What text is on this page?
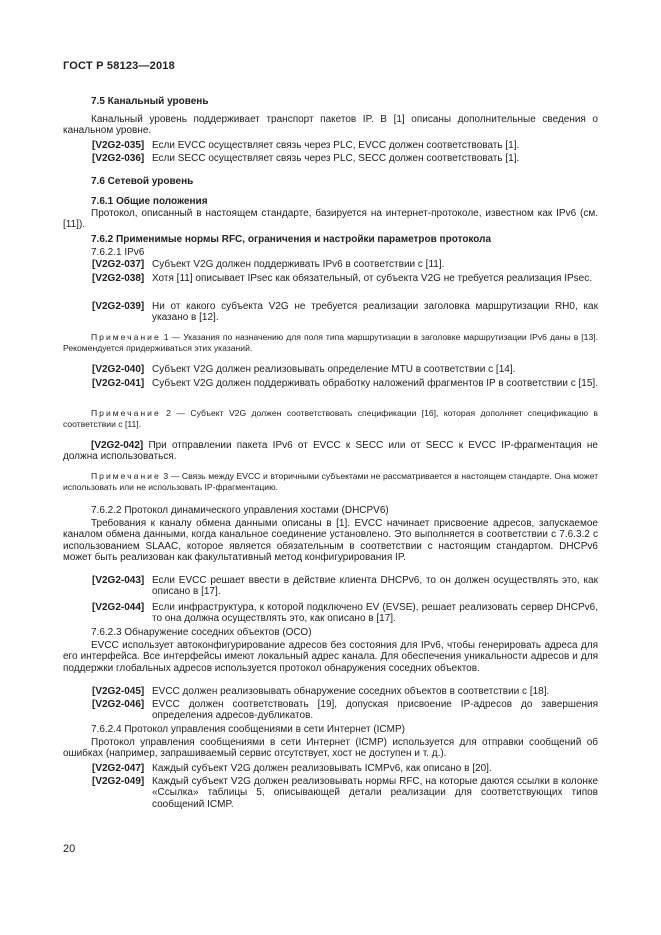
ГОСТ Р 58123—2018
7.5 Канальный уровень
Канальный уровень поддерживает транспорт пакетов IP. В [1] описаны дополнительные сведения о канальном уровне.
[V2G2-035] Если EVCC осуществляет связь через PLC, EVCC должен соответствовать [1].
[V2G2-036] Если SECC осуществляет связь через PLC, SECC должен соответствовать [1].
7.6 Сетевой уровень
7.6.1 Общие положения
Протокол, описанный в настоящем стандарте, базируется на интернет-протоколе, известном как IPv6 (см. [11]).
7.6.2 Применимые нормы RFC, ограничения и настройки параметров протокола
7.6.2.1 IPv6
[V2G2-037] Субъект V2G должен поддерживать IPv6 в соответствии с [11].
[V2G2-038] Хотя [11] описывает IPsec как обязательный, от субъекта V2G не требуется реализация IPsec.
[V2G2-039] Ни от какого субъекта V2G не требуется реализации заголовка маршрутизации RH0, как указано в [12].
Примечание 1 — Указания по назначению для поля типа маршрутизации в заголовке маршрутизации IPv6 даны в [13]. Рекомендуется придерживаться этих указаний.
[V2G2-040] Субъект V2G должен реализовывать определение MTU в соответствии с [14].
[V2G2-041] Субъект V2G должен поддерживать обработку наложений фрагментов IP в соответствии с [15].
Примечание 2 — Субъект V2G должен соответствовать спецификации [16], которая дополняет спецификацию в соответствии с [11].
[V2G2-042] При отправлении пакета IPv6 от EVCC к SECC или от SECC к EVCC IP-фрагментация не должна использоваться.
Примечание 3 — Связь между EVCC и вторичными субъектами не рассматривается в настоящем стандарте. Она может использовать или не использовать IP-фрагментацию.
7.6.2.2 Протокол динамического управления хостами (DHCPV6)
Требования к каналу обмена данными описаны в [1]. EVCC начинает присвоение адресов, запускаемое каналом обмена данными, когда канальное соединение установлено. Это выполняется в соответствии с 7.6.3.2 c использованием SLAAC, которое является обязательным в соответствии с настоящим стандартом. DHCPv6 может быть реализован как факультативный метод конфигурирования IP.
[V2G2-043] Если EVCC решает ввести в действие клиента DHCPv6, то он должен осуществлять это, как описано в [17].
[V2G2-044] Если инфраструктура, к которой подключено EV (EVSE), решает реализовать сервер DHCPv6, то она должна осуществлять это, как описано в [17].
7.6.2.3 Обнаружение соседних объектов (ОСО)
EVCC использует автоконфигурирование адресов без состояния для IPv6, чтобы генерировать адреса для его интерфейса. Все интерфейсы имеют локальный адрес канала. Для обеспечения уникальности адресов и для поддержки глобальных адресов используется протокол обнаружения соседних объектов.
[V2G2-045] EVCC должен реализовывать обнаружение соседних объектов в соответствии с [18].
[V2G2-046] EVCC должен соответствовать [19], допуская присвоение IP-адресов до завершения определения адресов-дубликатов.
7.6.2.4 Протокол управления сообщениями в сети Интернет (ICMP)
Протокол управления сообщениями в сети Интернет (ICMP) используется для отправки сообщений об ошибках (например, запрашиваемый сервис отсутствует, хост не доступен и т. д.).
[V2G2-047] Каждый субъект V2G должен реализовывать ICMPv6, как описано в [20].
[V2G2-049] Каждый субъект V2G должен реализовывать нормы RFC, на которые даются ссылки в колонке «Ссылка» таблицы 5, описывающей детали реализации для соответствующих типов сообщений ICMP.
20
